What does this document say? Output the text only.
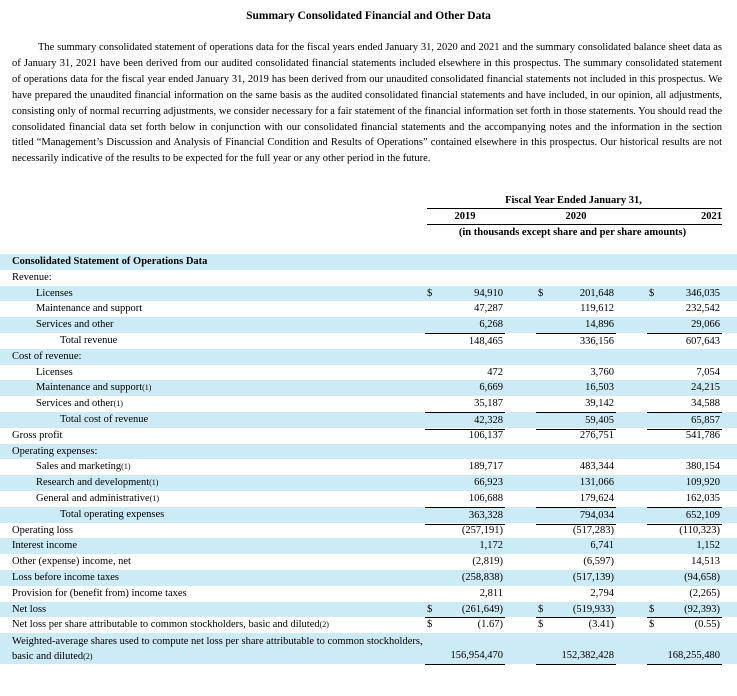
Summary Consolidated Financial and Other Data

The summary consolidated statement of operations data for the fiscal years ended January 31, 2020 and 2021 and the summary consolidated balance sheet data as of January 31, 2021 have been derived from our audited consolidated financial statements included elsewhere in this prospectus. The summary consolidated statement of operations data for the fiscal year ended January 31, 2019 has been derived from our unaudited consolidated financial statements not included in this prospectus. We have prepared the unaudited financial information on the same basis as the audited consolidated financial statements and have included, in our opinion, all adjustments, consisting only of normal recurring adjustments, we consider necessary for a fair statement of the financial information set forth in those statements. You should read the consolidated financial data set forth below in conjunction with our consolidated financial statements and the accompanying notes and the information in the section titled “Management’s Discussion and Analysis of Financial Condition and Results of Operations” contained elsewhere in this prospectus. Our historical results are not necessarily indicative of the results to be expected for the full year or any other period in the future.

Fiscal Year Ended January 31,
2019	2020	2021
(in thousands except share and per share amounts)
Consolidated Statement of Operations Data
Revenue:
Licenses	$	94,910	$	201,648	$	346,035
Maintenance and support	47,287	119,612	232,542
Services and other	6,268	14,896	29,066
Total revenue	148,465	336,156	607,643
Cost of revenue:
Licenses	472	3,760	7,054
Maintenance and support$^{(1)}$	6,669	16,503	24,215
Services and other$^{(1)}$	35,187	39,142	34,588
Total cost of revenue	42,328	59,405	65,857
Gross profit	106,137	276,751	541,786
Operating expenses:
Sales and marketing$^{(1)}$	189,717	483,344	380,154
Research and development$^{(1)}$	66,923	131,066	109,920
General and administrative$^{(1)}$	106,688	179,624	162,035
Total operating expenses	363,328	794,034	652,109
Operating loss	(257,191)	(517,283)	(110,323)
Interest income	1,172	6,741	1,152
Other (expense) income, net	(2,819)	(6,597)	14,513
Loss before income taxes	(258,838)	(517,139)	(94,658)
Provision for (benefit from) income taxes	2,811	2,794	(2,265)
Net loss	$	(261,649)	$	(519,933)	$	(92,393)
Net loss per share attributable to common stockholders, basic and diluted$^{(2)}$	$	(1.67)	$	(3.41)	$	(0.55)
Weighted-average shares used to compute net loss per share attributable to common stockholders, basic and diluted$^{(2)}$	156,954,470	152,382,428	168,255,480
